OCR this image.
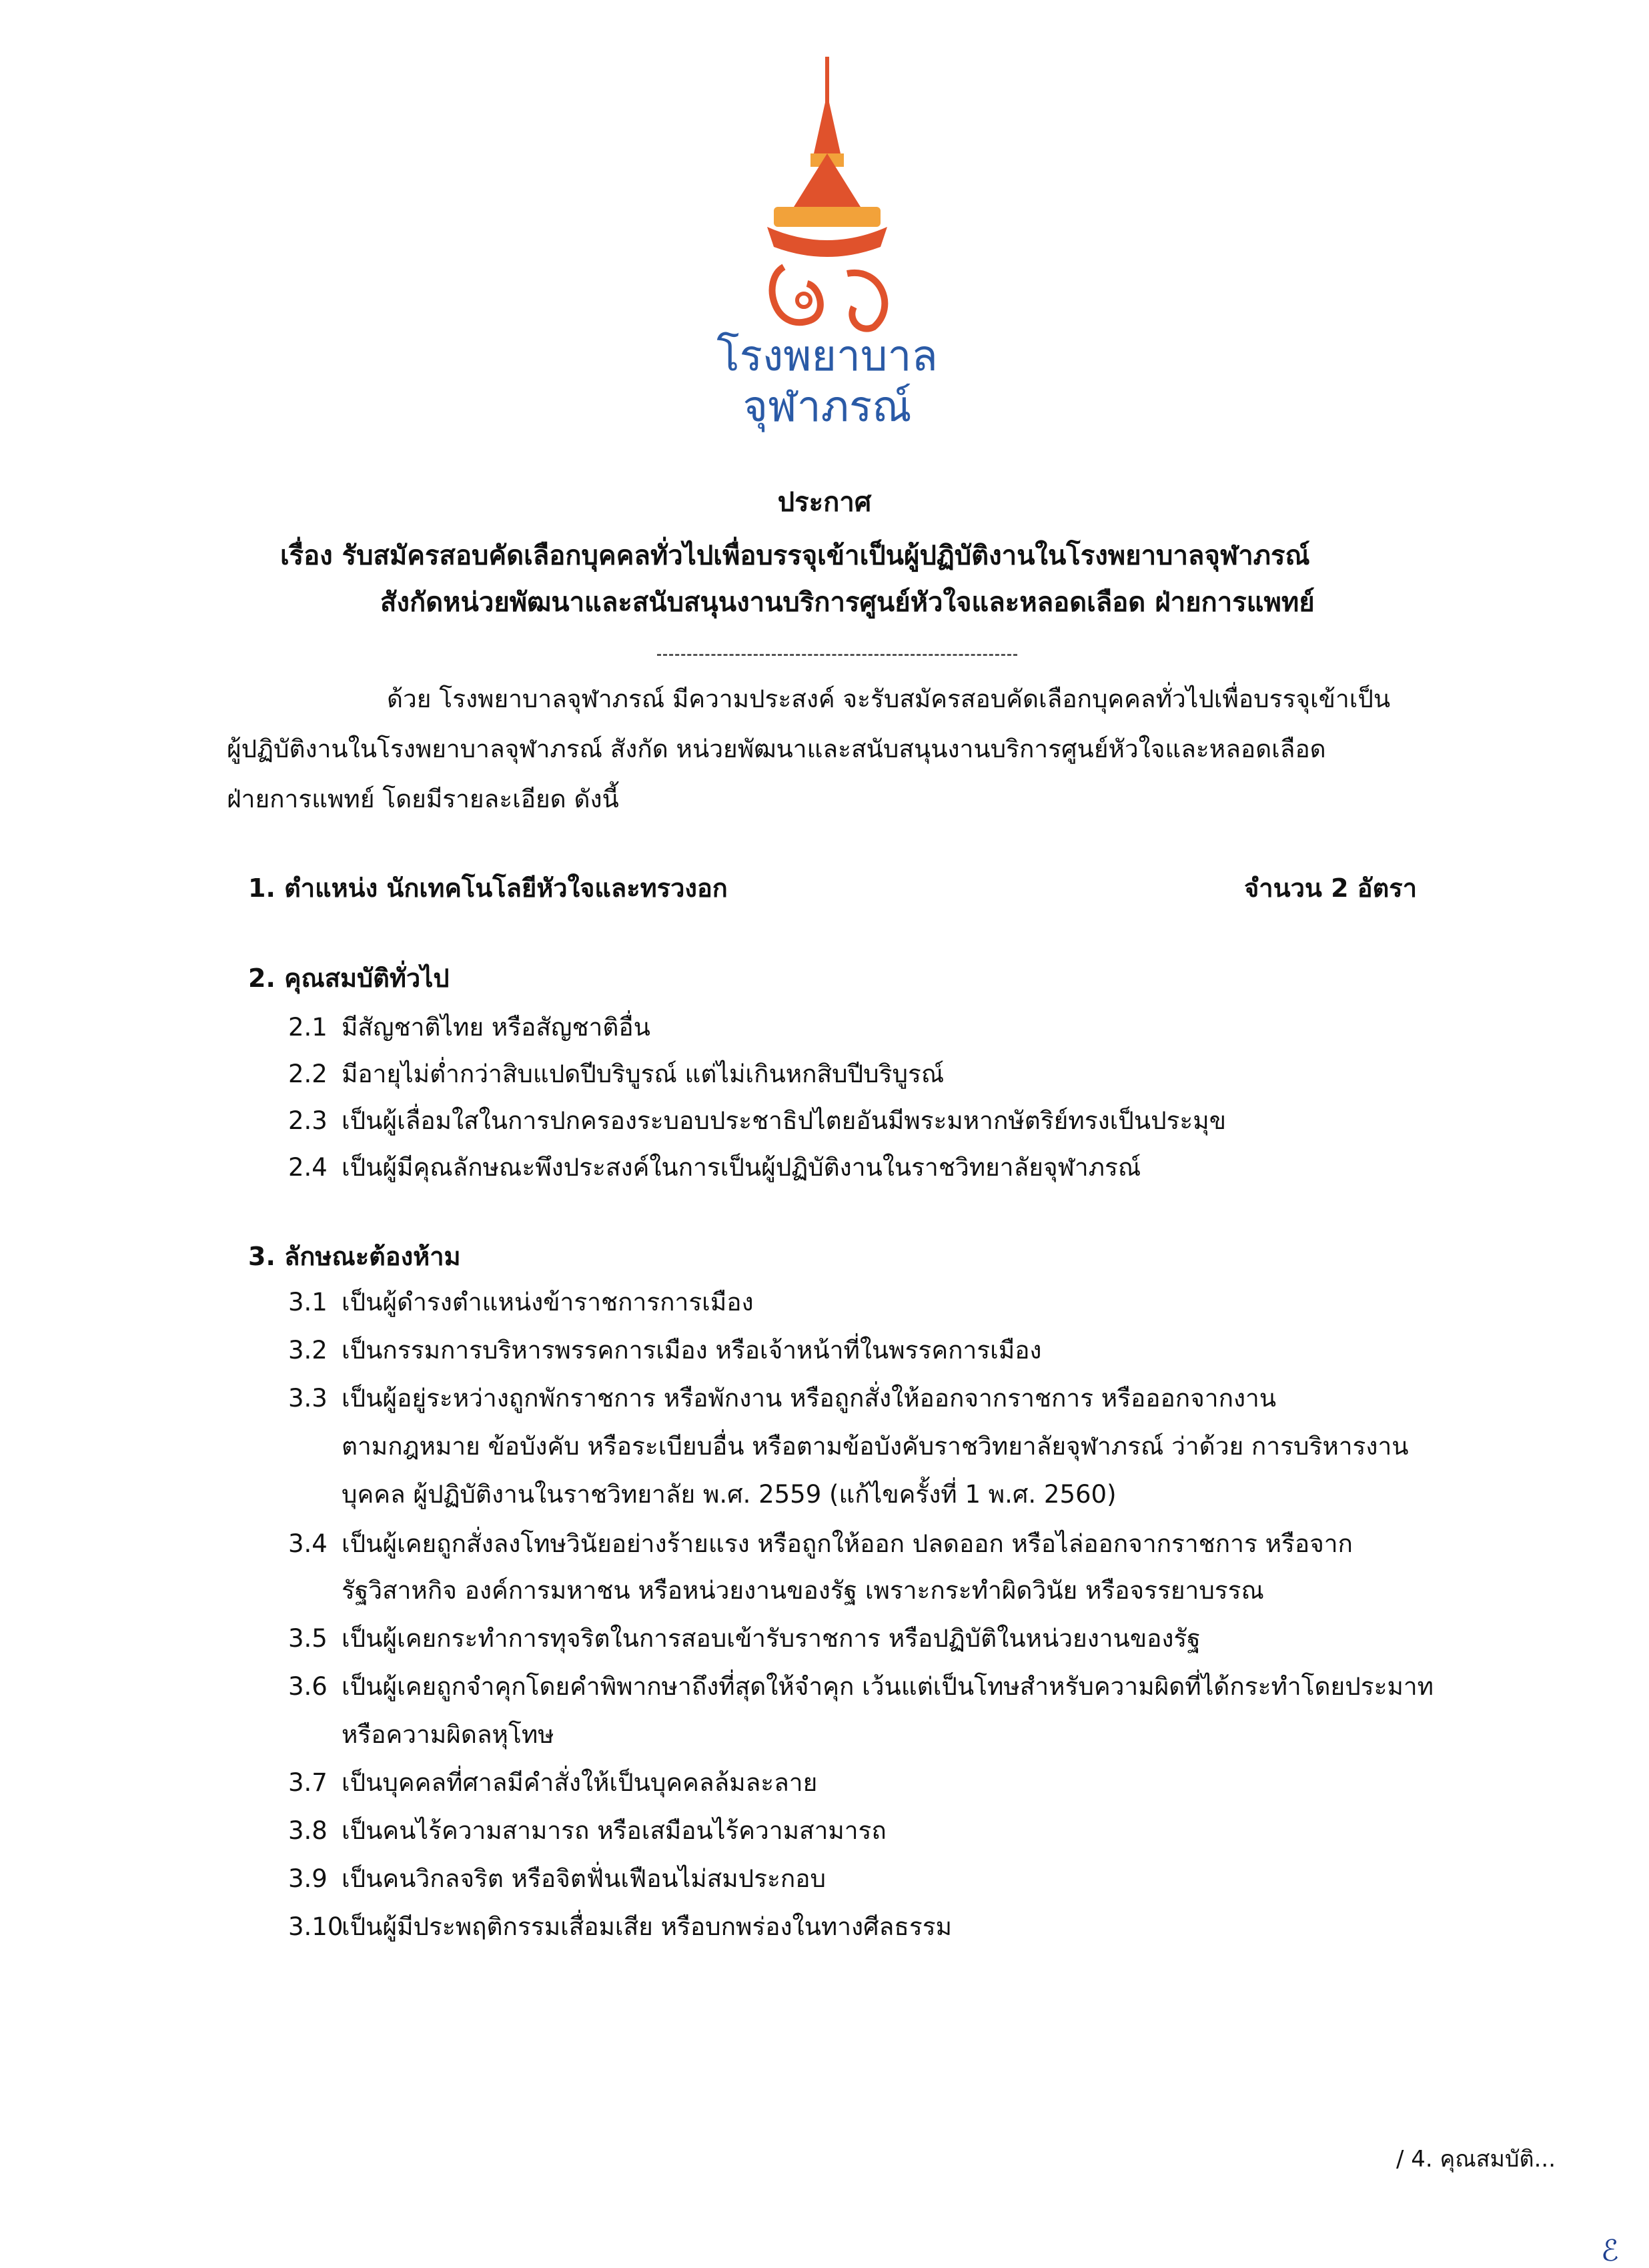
โรงพยาบาล
จุฬาภรณ์
ประกาศ
เรื่อง รับสมัครสอบคัดเลือกบุคคลทั่วไปเพื่อบรรจุเข้าเป็นผู้ปฏิบัติงานในโรงพยาบาลจุฬาภรณ์
สังกัดหน่วยพัฒนาและสนับสนุนงานบริการศูนย์หัวใจและหลอดเลือด ฝ่ายการแพทย์
ด้วย โรงพยาบาลจุฬาภรณ์ มีความประสงค์ จะรับสมัครสอบคัดเลือกบุคคลทั่วไปเพื่อบรรจุเข้าเป็น
ผู้ปฏิบัติงานในโรงพยาบาลจุฬาภรณ์ สังกัด หน่วยพัฒนาและสนับสนุนงานบริการศูนย์หัวใจและหลอดเลือด
ฝ่ายการแพทย์ โดยมีรายละเอียด ดังนี้
1. ตำแหน่ง นักเทคโนโลยีหัวใจและทรวงอก	จำนวน 2 อัตรา
2. คุณสมบัติทั่วไป
2.1 มีสัญชาติไทย หรือสัญชาติอื่น
2.2 มีอายุไม่ต่ำกว่าสิบแปดปีบริบูรณ์ แต่ไม่เกินหกสิบปีบริบูรณ์
2.3 เป็นผู้เลื่อมใสในการปกครองระบอบประชาธิปไตยอันมีพระมหากษัตริย์ทรงเป็นประมุข
2.4 เป็นผู้มีคุณลักษณะพึงประสงค์ในการเป็นผู้ปฏิบัติงานในราชวิทยาลัยจุฬาภรณ์
3. ลักษณะต้องห้าม
3.1 เป็นผู้ดำรงตำแหน่งข้าราชการการเมือง
3.2 เป็นกรรมการบริหารพรรคการเมือง หรือเจ้าหน้าที่ในพรรคการเมือง
3.3 เป็นผู้อยู่ระหว่างถูกพักราชการ หรือพักงาน หรือถูกสั่งให้ออกจากราชการ หรือออกจากงาน
ตามกฎหมาย ข้อบังคับ หรือระเบียบอื่น หรือตามข้อบังคับราชวิทยาลัยจุฬาภรณ์ ว่าด้วย การบริหารงาน
บุคคล ผู้ปฏิบัติงานในราชวิทยาลัย พ.ศ. 2559 (แก้ไขครั้งที่ 1 พ.ศ. 2560)
3.4 เป็นผู้เคยถูกสั่งลงโทษวินัยอย่างร้ายแรง หรือถูกให้ออก ปลดออก หรือไล่ออกจากราชการ หรือจาก
รัฐวิสาหกิจ องค์การมหาชน หรือหน่วยงานของรัฐ เพราะกระทำผิดวินัย หรือจรรยาบรรณ
3.5 เป็นผู้เคยกระทำการทุจริตในการสอบเข้ารับราชการ หรือปฏิบัติในหน่วยงานของรัฐ
3.6 เป็นผู้เคยถูกจำคุกโดยคำพิพากษาถึงที่สุดให้จำคุก เว้นแต่เป็นโทษสำหรับความผิดที่ได้กระทำโดยประมาท
หรือความผิดลหุโทษ
3.7 เป็นบุคคลที่ศาลมีคำสั่งให้เป็นบุคคลล้มละลาย
3.8 เป็นคนไร้ความสามารถ หรือเสมือนไร้ความสามารถ
3.9 เป็นคนวิกลจริต หรือจิตฟั่นเฟือนไม่สมประกอบ
3.10เป็นผู้มีประพฤติกรรมเสื่อมเสีย หรือบกพร่องในทางศีลธรรม
/ 4. คุณสมบัติ...
ℰ
